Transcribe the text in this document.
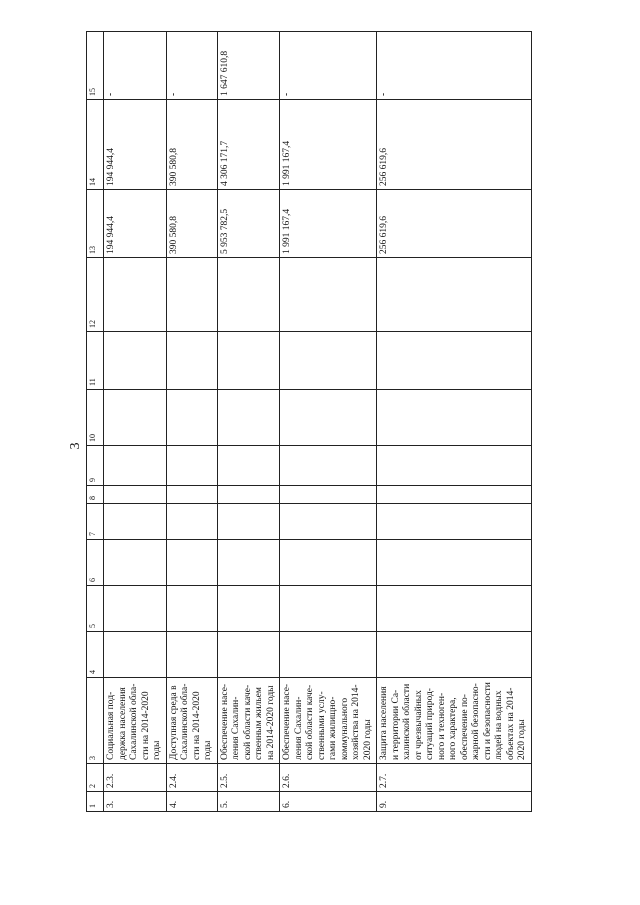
3
1	2	3	4	5	6	7	8	9	10	11	12	13	14	15
3.	2.3.	Социальная под-держка населения Сахалинской обла-сти на 2014-2020 годы										194 944,4	194 944,4	-
4.	2.4.	Доступная среда в Сахалинской обла-сти на 2014-2020 годы										390 580,8	390 580,8	-
5.	2.5.	Обеспечение насе-ления Сахалин-ской области каче-ственным жильем на 2014-2020 годы										5 953 782,5	4 306 171,7	1 647 610,8
6.	2.6.	Обеспечение насе-ления Сахалин-ской области каче-ственными услу-гами жилищно-коммунального хозяйства на 2014-2020 годы										1 991 167,4	1 991 167,4	-
9.	2.7.	Защита населения и территории Са-халинской области от чрезвычайных ситуаций природ-ного и техноген-ного характера, обеспечение по-жарной безопасно-сти и безопасности людей на водных объектах на 2014-2020 годы										256 619,6	256 619,6	-
